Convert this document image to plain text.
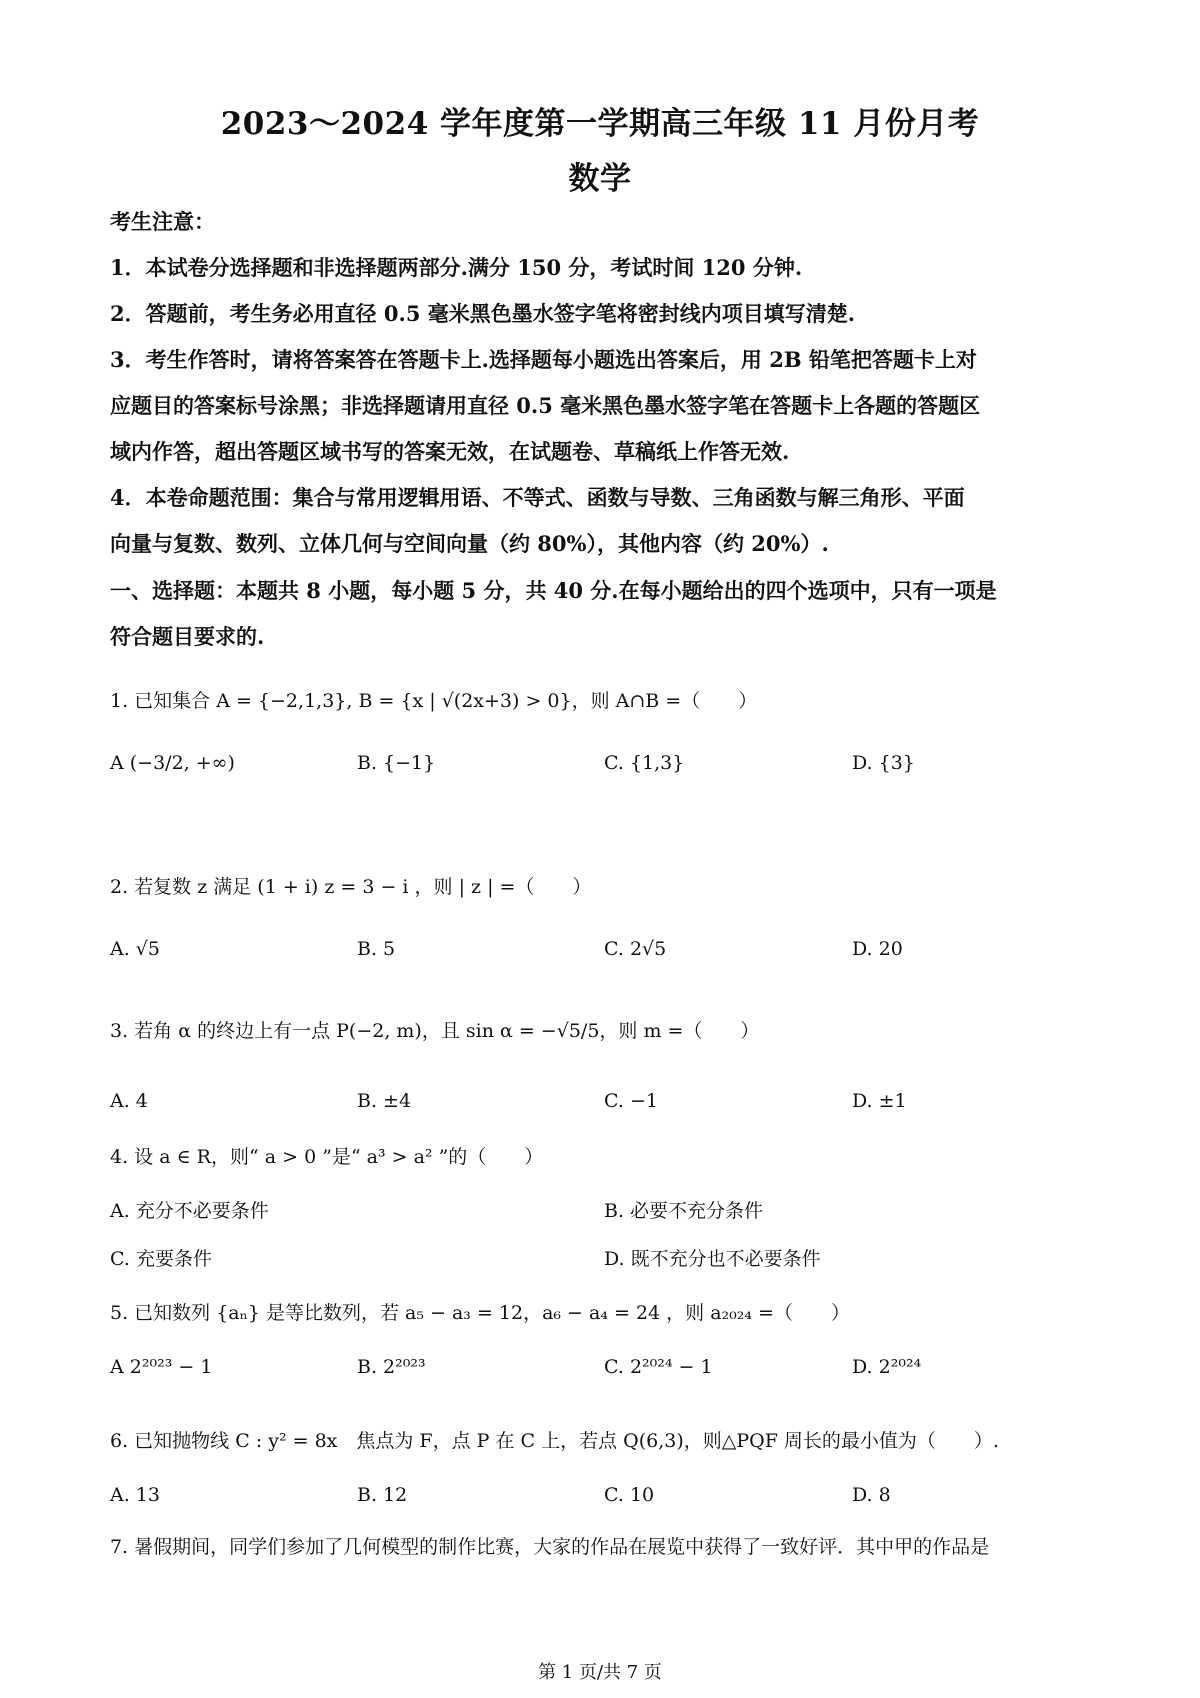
2023～2024 学年度第一学期高三年级 11 月份月考
数学
考生注意：
1．本试卷分选择题和非选择题两部分.满分 150 分，考试时间 120 分钟.
2．答题前，考生务必用直径 0.5 毫米黑色墨水签字笔将密封线内项目填写清楚.
3．考生作答时，请将答案答在答题卡上.选择题每小题选出答案后，用 2B 铅笔把答题卡上对
应题目的答案标号涂黑；非选择题请用直径 0.5 毫米黑色墨水签字笔在答题卡上各题的答题区
域内作答，超出答题区域书写的答案无效，在试题卷、草稿纸上作答无效.
4．本卷命题范围：集合与常用逻辑用语、不等式、函数与导数、三角函数与解三角形、平面
向量与复数、数列、立体几何与空间向量（约 80%），其他内容（约 20%）.
一、选择题：本题共 8 小题，每小题 5 分，共 40 分.在每小题给出的四个选项中，只有一项是
符合题目要求的.
1. 已知集合 A = {−2,1,3}, B = {x | √(2x+3) > 0}，则 A∩B =（　　）
A (−3/2, +∞)	B. {−1}	C. {1,3}	D. {3}
2. 若复数 z 满足 (1 + i) z = 3 − i ，则 | z | =（　　）
A. √5	B. 5	C. 2√5	D. 20
3. 若角 α 的终边上有一点 P(−2, m)，且 sin α = −√5/5，则 m =（　　）
A. 4	B. ±4	C. −1	D. ±1
4. 设 a ∈ R，则“ a > 0 ”是“ a³ > a² ”的（　　）
A. 充分不必要条件	B. 必要不充分条件
C. 充要条件	D. 既不充分也不必要条件
5. 已知数列 {aₙ} 是等比数列，若 a₅ − a₃ = 12，a₆ − a₄ = 24 ，则 a₂₀₂₄ =（　　）
A 2²⁰²³ − 1	B. 2²⁰²³	C. 2²⁰²⁴ − 1	D. 2²⁰²⁴
6. 已知抛物线 C : y² = 8x　焦点为 F，点 P 在 C 上，若点 Q(6,3)，则△PQF 周长的最小值为（　　）.
A. 13	B. 12	C. 10	D. 8
7. 暑假期间，同学们参加了几何模型的制作比赛，大家的作品在展览中获得了一致好评．其中甲的作品是
第 1 页/共 7 页
